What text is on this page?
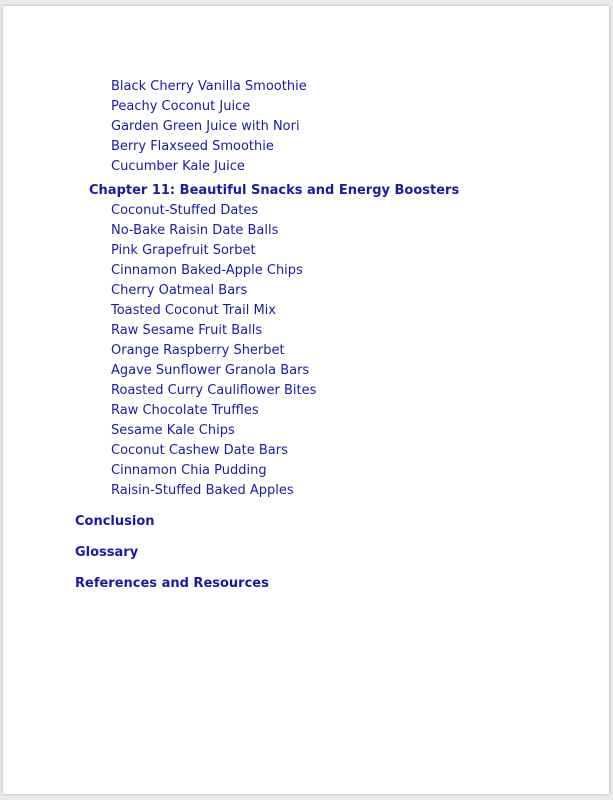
Black Cherry Vanilla Smoothie
Peachy Coconut Juice
Garden Green Juice with Nori
Berry Flaxseed Smoothie
Cucumber Kale Juice
Chapter 11: Beautiful Snacks and Energy Boosters
Coconut-Stuffed Dates
No-Bake Raisin Date Balls
Pink Grapefruit Sorbet
Cinnamon Baked-Apple Chips
Cherry Oatmeal Bars
Toasted Coconut Trail Mix
Raw Sesame Fruit Balls
Orange Raspberry Sherbet
Agave Sunflower Granola Bars
Roasted Curry Cauliflower Bites
Raw Chocolate Truffles
Sesame Kale Chips
Coconut Cashew Date Bars
Cinnamon Chia Pudding
Raisin-Stuffed Baked Apples
Conclusion
Glossary
References and Resources
